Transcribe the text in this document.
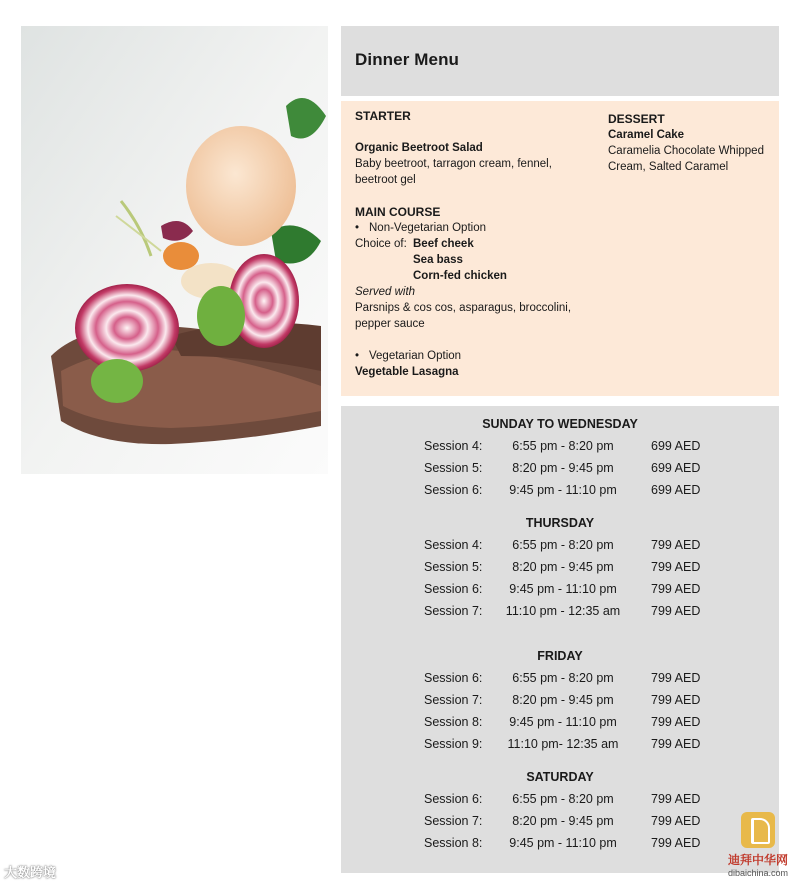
Dinner Menu

STARTER

Organic Beetroot Salad

Baby beetroot, tarragon cream, fennel, beetroot gel

MAIN COURSE

• Non-Vegetarian Option

Choice of: Beef cheek

Sea bass

Corn-fed chicken

Served with

Parsnips & cos cos, asparagus, broccolini, pepper sauce

• Vegetarian Option

Vegetable Lasagna

DESSERT

Caramel Cake

Caramelia Chocolate Whipped Cream, Salted Caramel

SUNDAY TO WEDNESDAY
Session 4: 6:55 pm - 8:20 pm	699 AED
Session 5: 8:20 pm - 9:45 pm	699 AED
Session 6: 9:45 pm - 11:10 pm	699 AED
THURSDAY
Session 4: 6:55 pm - 8:20 pm	799 AED
Session 5: 8:20 pm - 9:45 pm	799 AED
Session 6: 9:45 pm - 11:10 pm	799 AED
Session 7: 11:10 pm - 12:35 am 799 AED
FRIDAY
Session 6: 6:55 pm - 8:20 pm	799 AED
Session 7: 8:20 pm - 9:45 pm	799 AED
Session 8: 9:45 pm - 11:10 pm	799 AED
Session 9: 11:10 pm- 12:35 am	799 AED
SATURDAY
Session 6: 6:55 pm - 8:20 pm	799 AED
Session 7: 8:20 pm - 9:45 pm	799 AED
Session 8: 9:45 pm - 11:10 pm	799 AED
大数跨境
迪拜中华网
dibaichina.com
